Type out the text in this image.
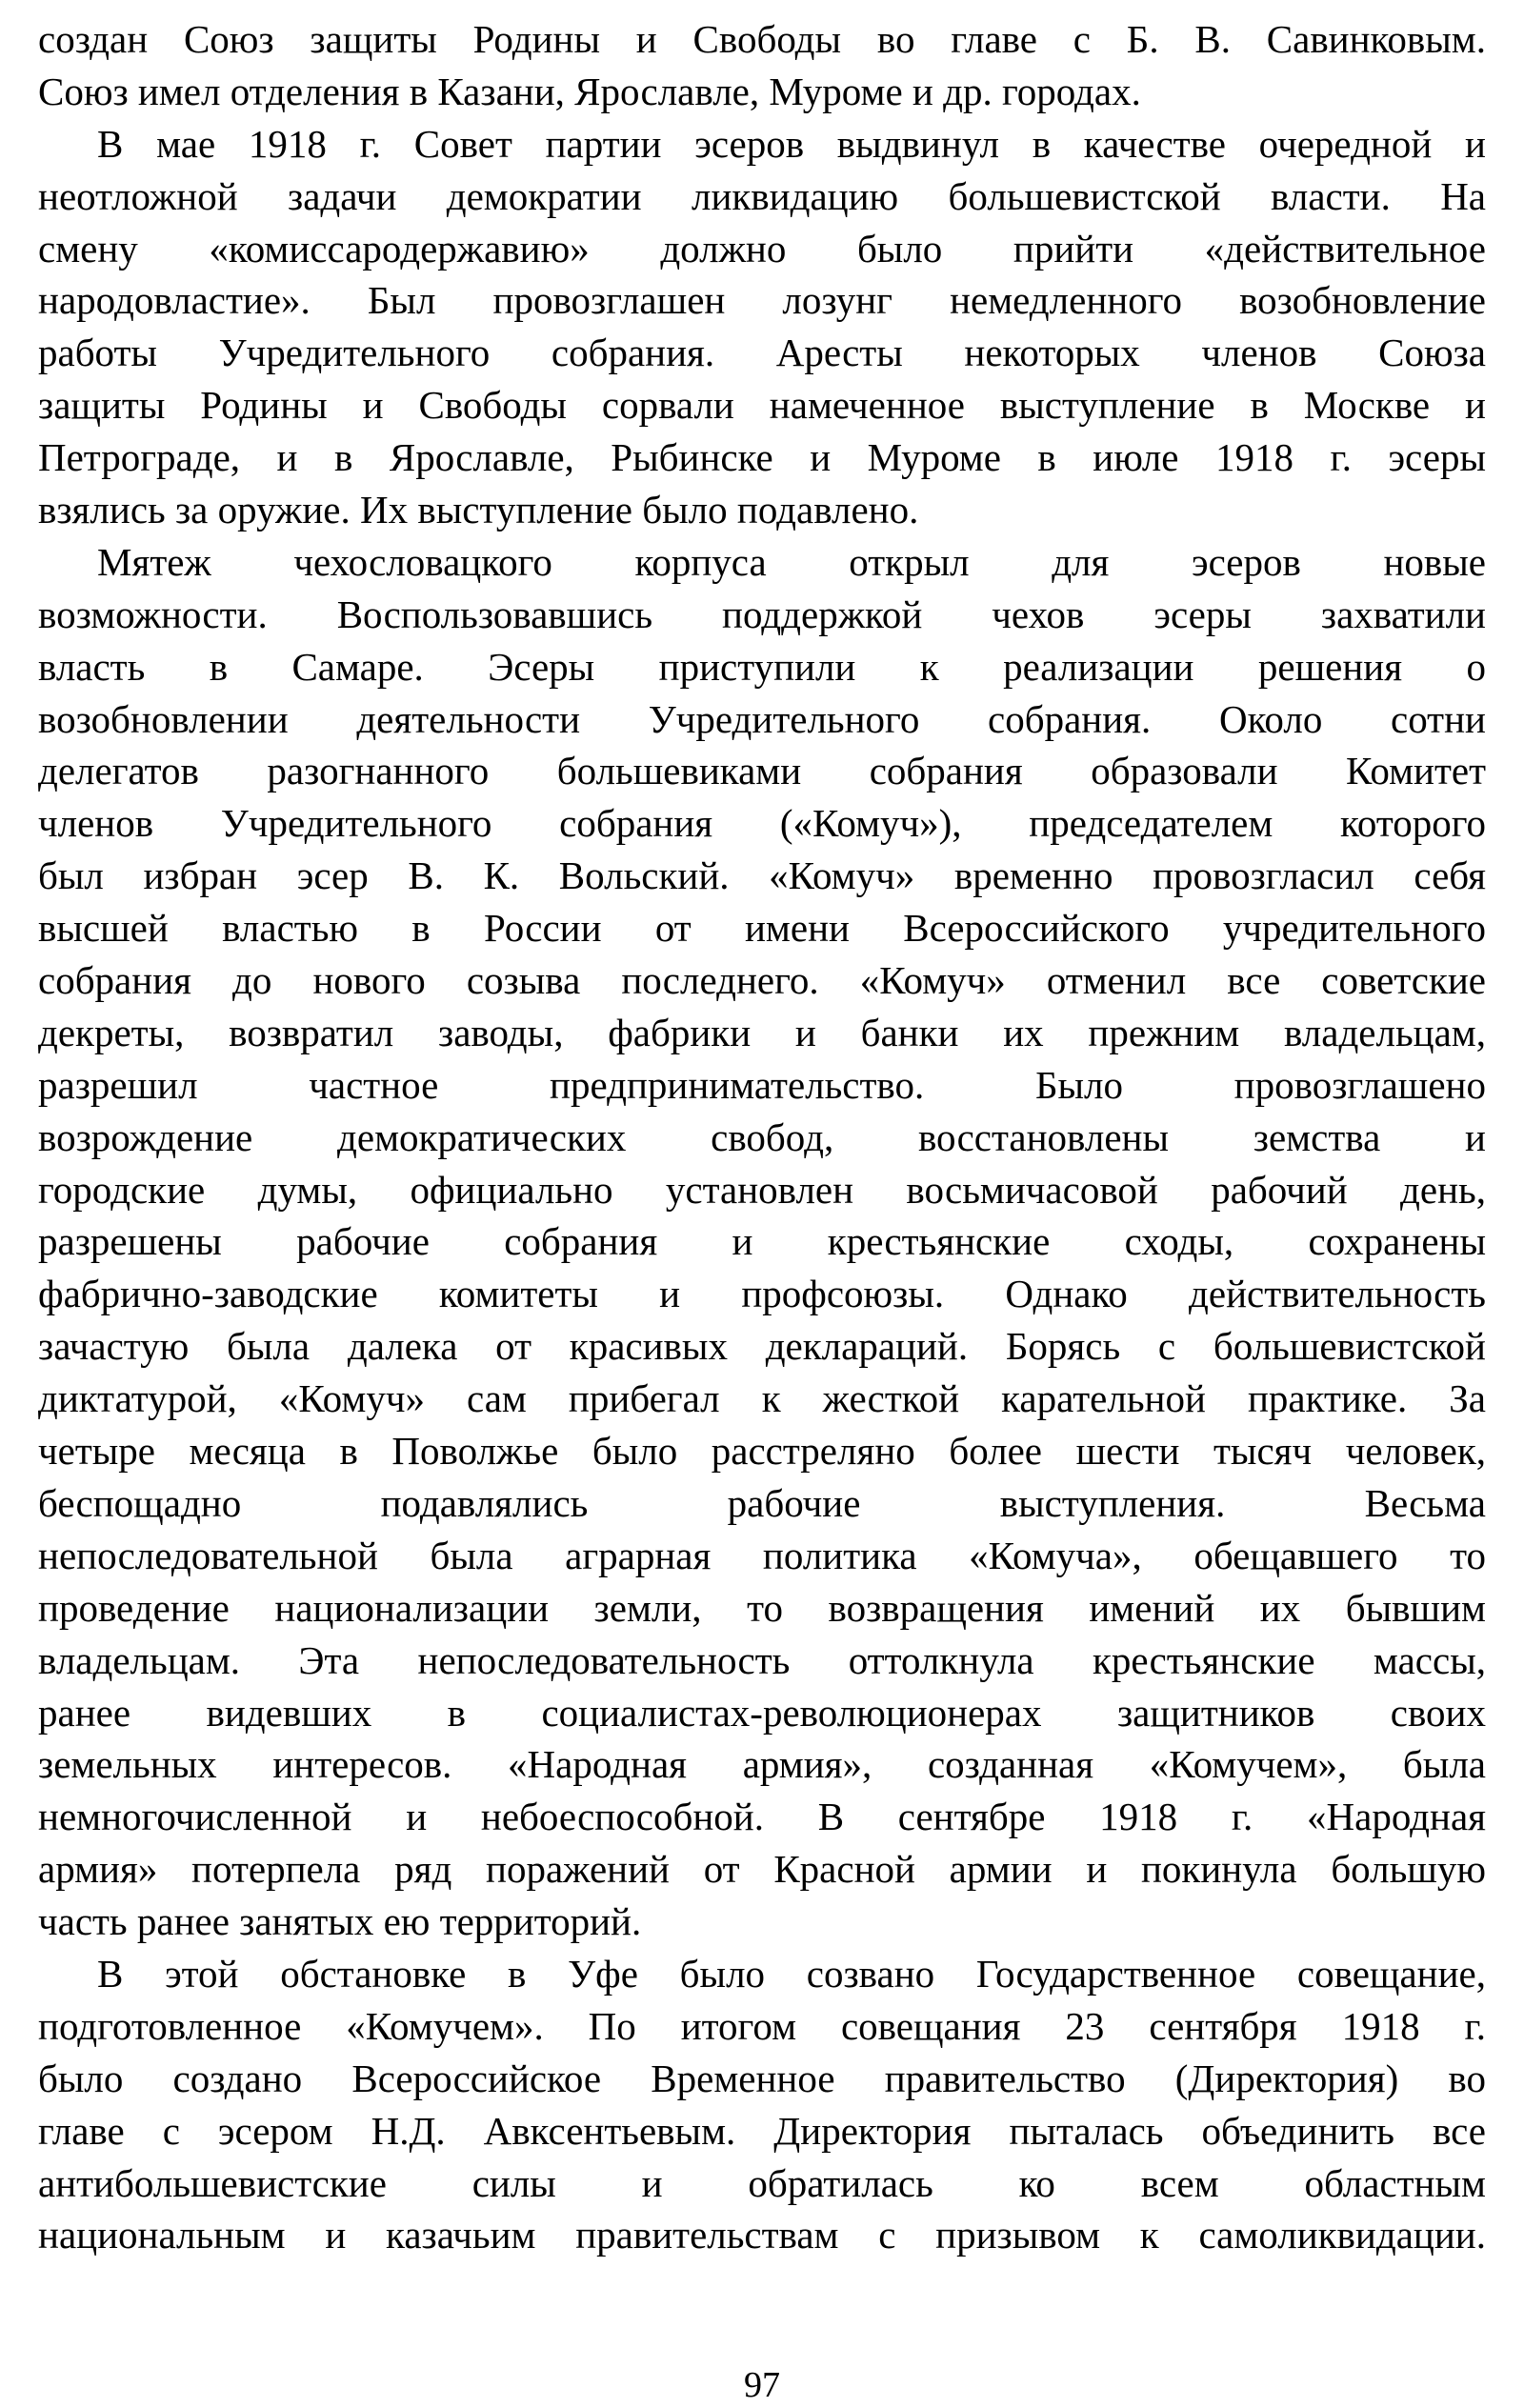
создан Союз защиты Родины и Свободы во главе с Б. В. Савинковым.
Союз имел отделения в Казани, Ярославле, Муроме и др. городах.
В мае 1918 г. Совет партии эсеров выдвинул в качестве очередной и
неотложной задачи демократии ликвидацию большевистской власти. На
смену «комиссародержавию» должно было прийти «действительное
народовластие». Был провозглашен лозунг немедленного возобновление
работы Учредительного собрания. Аресты некоторых членов Союза
защиты Родины и Свободы сорвали намеченное выступление в Москве и
Петрограде, и в Ярославле, Рыбинске и Муроме в июле 1918 г. эсеры
взялись за оружие. Их выступление было подавлено.
Мятеж чехословацкого корпуса открыл для эсеров новые
возможности. Воспользовавшись поддержкой чехов эсеры захватили
власть в Самаре. Эсеры приступили к реализации решения о
возобновлении деятельности Учредительного собрания. Около сотни
делегатов разогнанного большевиками собрания образовали Комитет
членов Учредительного собрания («Комуч»), председателем которого
был избран эсер В. К. Вольский. «Комуч» временно провозгласил себя
высшей властью в России от имени Всероссийского учредительного
собрания до нового созыва последнего. «Комуч» отменил все советские
декреты, возвратил заводы, фабрики и банки их прежним владельцам,
разрешил частное предпринимательство. Было провозглашено
возрождение демократических свобод, восстановлены земства и
городские думы, официально установлен восьмичасовой рабочий день,
разрешены рабочие собрания и крестьянские сходы, сохранены
фабрично-заводские комитеты и профсоюзы. Однако действительность
зачастую была далека от красивых деклараций. Борясь с большевистской
диктатурой, «Комуч» сам прибегал к жесткой карательной практике. За
четыре месяца в Поволжье было расстреляно более шести тысяч человек,
беспощадно подавлялись рабочие выступления. Весьма
непоследовательной была аграрная политика «Комуча», обещавшего то
проведение национализации земли, то возвращения имений их бывшим
владельцам. Эта непоследовательность оттолкнула крестьянские массы,
ранее видевших в социалистах-революционерах защитников своих
земельных интересов. «Народная армия», созданная «Комучем», была
немногочисленной и небоеспособной. В сентябре 1918 г. «Народная
армия» потерпела ряд поражений от Красной армии и покинула большую
часть ранее занятых ею территорий.
В этой обстановке в Уфе было созвано Государственное совещание,
подготовленное «Комучем». По итогом совещания 23 сентября 1918 г.
было создано Всероссийское Временное правительство (Директория) во
главе с эсером Н.Д. Авксентьевым. Директория пыталась объединить все
антибольшевистские силы и обратилась ко всем областным
национальным и казачьим правительствам с призывом к самоликвидации.
97
